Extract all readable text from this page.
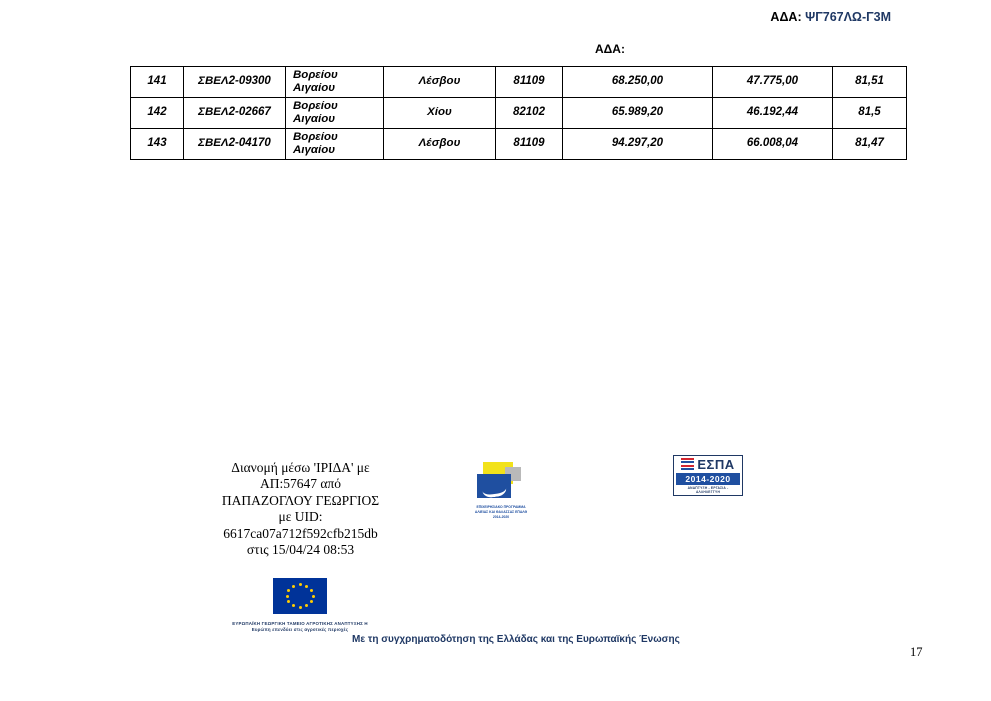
ΑΔΑ: ΨΓ767ΛΩ-Γ3Μ
ΑΔΑ:
141	ΣΒΕΛ2-09300	Βορείου Αιγαίου	Λέσβου	81109	68.250,00	47.775,00	81,51
142	ΣΒΕΛ2-02667	Βορείου Αιγαίου	Χίου	82102	65.989,20	46.192,44	81,5
143	ΣΒΕΛ2-04170	Βορείου Αιγαίου	Λέσβου	81109	94.297,20	66.008,04	81,47
Διανομή μέσω 'ΙΡΙΔΑ' με ΑΠ:57647 από ΠΑΠΑΖΟΓΛΟΥ ΓΕΩΡΓΙΟΣ με UID: 6617ca07a712f592cfb215db στις 15/04/24 08:53
ΕΥΡΩΠΑΪΚΗ ΓΕΩΡΓΙΚΗ ΤΑΜΕΙΟ ΑΓΡΟΤΙΚΗΣ ΑΝΑΠΤΥΞΗΣ Η Ευρώπη επενδύει στις αγροτικές περιοχές
ΕΠΙΧΕΙΡΗΣΙΑΚΟ ΠΡΟΓΡΑΜΜΑ ΑΛΙΕΙΑΣ ΚΑΙ ΘΑΛΑΣΣΑΣ ΕΠΑΛΘ 2014-2020
ΕΣΠΑ
2014-2020
ΑΝΑΠΤΥΞΗ - ΕΡΓΑΣΙΑ - ΑΛΛΗΛΕΓΓΥΗ
Με τη συγχρηματοδότηση της Ελλάδας και της Ευρωπαϊκής Ένωσης
17
